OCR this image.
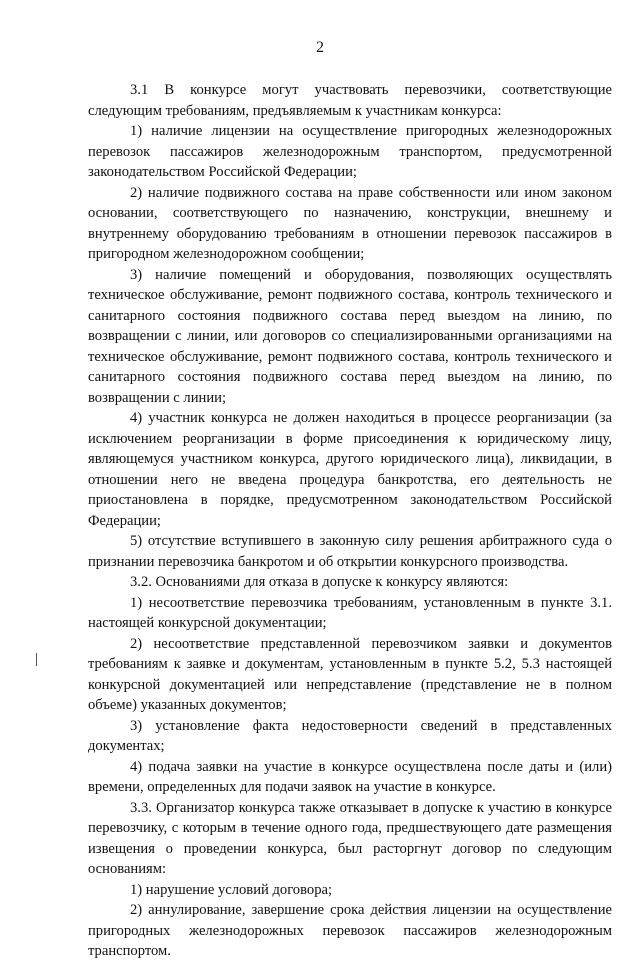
2

3.1 В конкурсе могут участвовать перевозчики, соответствующие следующим требованиям, предъявляемым к участникам конкурса:

1) наличие лицензии на осуществление пригородных железнодорожных перевозок пассажиров железнодорожным транспортом, предусмотренной законодательством Российской Федерации;

2) наличие подвижного состава на праве собственности или ином законом основании, соответствующего по назначению, конструкции, внешнему и внутреннему оборудованию требованиям в отношении перевозок пассажиров в пригородном железнодорожном сообщении;

3) наличие помещений и оборудования, позволяющих осуществлять техническое обслуживание, ремонт подвижного состава, контроль технического и санитарного состояния подвижного состава перед выездом на линию, по возвращении с линии, или договоров со специализированными организациями на техническое обслуживание, ремонт подвижного состава, контроль технического и санитарного состояния подвижного состава перед выездом на линию, по возвращении с линии;

4) участник конкурса не должен находиться в процессе реорганизации (за исключением реорганизации в форме присоединения к юридическому лицу, являющемуся участником конкурса, другого юридического лица), ликвидации, в отношении него не введена процедура банкротства, его деятельность не приостановлена в порядке, предусмотренном законодательством Российской Федерации;

5) отсутствие вступившего в законную силу решения арбитражного суда о признании перевозчика банкротом и об открытии конкурсного производства.

3.2. Основаниями для отказа в допуске к конкурсу являются:

1) несоответствие перевозчика требованиям, установленным в пункте 3.1. настоящей конкурсной документации;

2) несоответствие представленной перевозчиком заявки и документов требованиям к заявке и документам, установленным в пункте 5.2, 5.3 настоящей конкурсной документацией или непредставление (представление не в полном объеме) указанных документов;

3) установление факта недостоверности сведений в представленных документах;

4) подача заявки на участие в конкурсе осуществлена после даты и (или) времени, определенных для подачи заявок на участие в конкурсе.

3.3. Организатор конкурса также отказывает в допуске к участию в конкурсе перевозчику, с которым в течение одного года, предшествующего дате размещения извещения о проведении конкурса, был расторгнут договор по следующим основаниям:

1) нарушение условий договора;

2) аннулирование, завершение срока действия лицензии на осуществление пригородных железнодорожных перевозок пассажиров железнодорожным транспортом.
